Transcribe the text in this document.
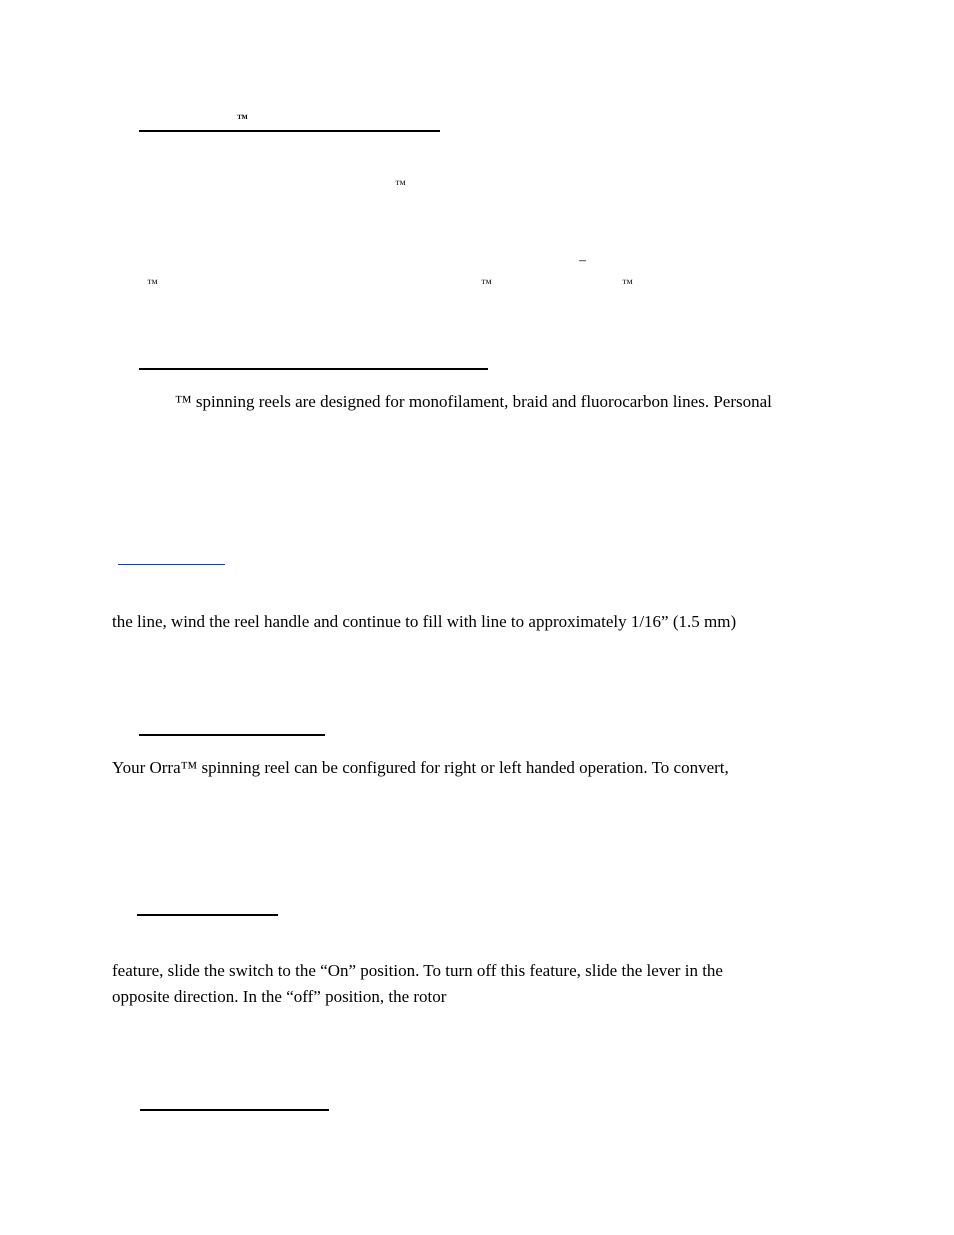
™
™
–
™	™	™
™ spinning reels are designed for monofilament, braid and fluorocarbon lines. Personal
the line, wind the reel handle and continue to fill with line to approximately 1/16” (1.5 mm)
Your Orra™ spinning reel can be configured for right or left handed operation. To convert,
feature, slide the switch to the “On” position. To turn off this feature, slide the lever in the
opposite direction. In the “off” position, the rotor
